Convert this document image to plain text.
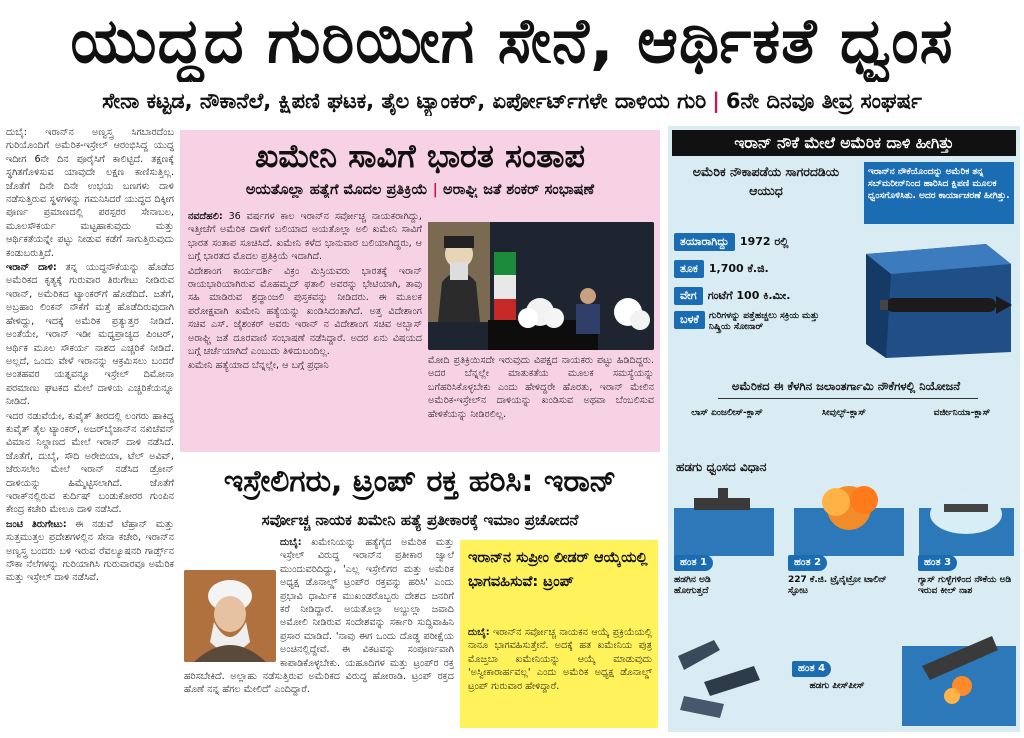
ಯುದ್ಧದ ಗುರಿಯೀಗ ಸೇನೆ, ಆರ್ಥಿಕತೆ ಧ್ವಂಸ
ಸೇನಾ ಕಟ್ಟಡ, ನೌಕಾನೆಲೆ, ಕ್ಷಿಪಣಿ ಘಟಕ, ತೈಲ ಟ್ಯಾಂಕರ್, ಏರ್ಪೋರ್ಟ್‌ಗಳೇ ದಾಳಿಯ ಗುರಿ | 6ನೇ ದಿನವೂ ತೀವ್ರ ಸಂಘರ್ಷ

ದುಬೈ: ಇರಾನ್‌ನ ಅಣ್ವಸ್ತ್ರ ಸಿಗಬಾರದೆಂಬ ಗುರಿಯೊಂದಿಗೆ ಅಮೆರಿಕ-ಇಸ್ರೇಲ್ ಆರಂಭಿಸಿದ್ದ ಯುದ್ಧ ಇದೀಗ 6ನೇ ದಿನ ಪೂರೈಸಿಗೆ ಕಾಲಿಟ್ಟಿದೆ. ತಕ್ಷಣಕ್ಕೆ ಸ್ಥಗಿತಗೊಳಿಸುವ ಯಾವುದೇ ಲಕ್ಷಣ ಕಾಣಿಸುತ್ತಿಲ್ಲ. ಜೊತೆಗೆ ದಿನೇ ದಿನೇ ಉಭಯ ಬಣಗಳು ದಾಳಿ ನಡೆಸುತ್ತಿರುವ ಸ್ಥಳಗಳನ್ನು ಗಮನಿಸಿದರೆ ಯುದ್ಧದ ದಿಕ್ಕೀಗ ಪೂರ್ಣ ಪ್ರಮಾಣದಲ್ಲಿ ಪರಸ್ಪರರ ಸೇನಾಬಲ, ಮೂಲಸೌಕರ್ಯ ಮಟ್ಟಹಾಕುವುದು ಮತ್ತು ಆರ್ಥಿಕತೆಯನ್ನೇ ಪಟ್ಟು ನೀಡುವ ಕಡೆಗೆ ಸಾಗುತ್ತಿರುವುದು ಕಂಡುಬರುತ್ತಿದೆ.

ಇರಾನ್ ದಾಳಿ: ತನ್ನ ಯುದ್ಧನೌಕೆಯನ್ನು ಹೊಡೆದ ಅಮೆರಿಕದ ಕೃತ್ಯಕ್ಕೆ ಗುರುವಾರ ತಿರುಗೇಟು ನೀಡಿರುವ ಇರಾನ್, ಅಮೆರಿಕದ ಟ್ಯಾಂಕರ್‌ಗೆ ಹೊಡೆದಿದೆ. ಜತೆಗೆ, ಅಬ್ರಹಾಂ ಲಿಂಕನ್ ನೌಕೆಗೆ ಮತ್ತೆ ಹೊಡೆದಿರುವುದಾಗಿ ಹೇಳಿದ್ದು, ಇದಕ್ಕೆ ಅಮೆರಿಕ ಪ್ರತ್ಯುತ್ತರ ನೀಡಿದೆ. ಅಂತೆಯೇ, ಇರಾನ್ ಇಡೀ ಮಧ್ಯಪ್ರಾಚ್ಯದ ಪಿಂಟರ್, ಆರ್ಥಿಕ ಮೂಲ ಸೌಕರ್ಯ ನಾಶದ ಎಚ್ಚರಿಕೆ ನೀಡಿದೆ. ಅಲ್ಲದೆ, ಒಂದು ವೇಳೆ ಇರಾನನ್ನು ಆಕ್ರಮಿಸಲು ಬಂದರೆ ಅಂತಹವರ ಯತ್ನವನ್ನೂ ಇಸ್ರೇಲ್ ದಿಮೋನಾ ಪರಮಾಣು ಘಟಕದ ಮೇಲೆ ದಾಳಿಯ ಎಚ್ಚರಿಕೆಯನ್ನೂ ನೀಡಿದೆ.

ಇದರ ನಡುವೆಯೇ, ಕುವೈತ್ ತೀರದಲ್ಲಿ ಲಂಗರು ಹಾಕಿದ್ದ ಕುವೈತ್ ತೈಲ ಟ್ಯಾಂಕರ್, ಅಜರ್‌ಬೈಜಾನ್‌ನ ನಖಿಚೆವನ್ ವಿಮಾನ ನಿಲ್ದಾಣದ ಮೇಲೆ ಇರಾನ್ ದಾಳಿ ನಡೆಸಿದೆ. ಜೊತೆಗೆ, ದುಬೈ, ಸೌದಿ ಅರೇಬಿಯಾ, ಟೆಲ್ ಅವಿವ್, ಜೆರುಸಲೇಂ ಮೇಲೆ ಇರಾನ್ ನಡೆಸಿದ ಡ್ರೋನ್ ದಾಳಿಯನ್ನು ಹಿಮ್ಮೆಟ್ಟಿಸಲಾಗಿದೆ. ಜೊತೆಗೆ ಇರಾಕ್‌ನಲ್ಲಿರುವ ಕುರ್ದಿಷ್ ಬಂಡುಕೋರರ ಗುಂಪಿನ ಕೇಂದ್ರ ಕಚೇರಿ ಮೇಲೂ ದಾಳಿ ನಡೆಸಿದೆ.

ಜಂಟಿ ತಿರುಗೇಟು: ಈ ನಡುವೆ ಟೆಹ್ರಾನ್ ಮತ್ತು ಸುತ್ತಮುತ್ತಲ ಪ್ರದೇಶಗಳಲ್ಲಿನ ಸೇನಾ ಕಚೇರಿ, ಇರಾನ್‌ನ ಅಣ್ವಸ್ತ್ರ ಬಂದರು ಬಳಿ ಇರುವ ರೆವಲ್ಯೂಷನರಿ ಗಾರ್ಡ್ಸ್‌ನ ನೌಕಾ ನೆಲೆಗಳನ್ನು ಗುರಿಯಾಗಿಸಿ ಗುರುವಾರವೂ ಅಮೆರಿಕ ಮತ್ತು ಇಸ್ರೇಲ್ ದಾಳಿ ನಡೆಸಿವೆ.

ಖಮೇನಿ ಸಾವಿಗೆ ಭಾರತ ಸಂತಾಪ
ಅಯತೊಲ್ಲಾ ಹತ್ಯೆಗೆ ಮೊದಲ ಪ್ರತಿಕ್ರಿಯೆ | ಅರಾಘ್ಚಿ ಜತೆ ಶಂಕರ್ ಸಂಭಾಷಣೆ

ನವದೆಹಲಿ: 36 ವರ್ಷಗಳ ಕಾಲ ಇರಾನ್‌ನ ಸರ್ವೋಚ್ಚ ನಾಯಕರಾಗಿದ್ದು, ಇತ್ತೀಚೆಗೆ ಅಮೆರಿಕ ದಾಳಿಗೆ ಬಲಿಯಾದ ಅಯತೊಲ್ಲಾ ಅಲಿ ಖಮೇನಿ ಸಾವಿಗೆ ಭಾರತ ಸಂತಾಪ ಸೂಚಿಸಿದೆ. ಖಮೇನಿ ಕಳೆದ ಭಾನುವಾರ ಬಲಿಯಾಗಿದ್ದರು, ಆ ಬಗ್ಗೆ ಭಾರತದ ಮೊದಲ ಪ್ರತಿಕ್ರಿಯೆ ಇದಾಗಿದೆ.

ವಿದೇಶಾಂಗ ಕಾರ್ಯದರ್ಶಿ ವಿಕ್ರಂ ಮಿಸ್ರಿಯವರು ಭಾರತಕ್ಕೆ ಇರಾನ್ ರಾಯಭಾರಿಯಾಗಿರುವ ಮೊಹಮ್ಮದ್ ಫತಾಲಿ ಅವರನ್ನು ಭೇಟಿಯಾಗಿ, ತಾವು ಸಹಿ ಮಾಡಿರುವ ಶ್ರದ್ಧಾಂಜಲಿ ಪುಸ್ತಕವನ್ನು ನೀಡಿದರು. ಈ ಮೂಲಕ ಪರೋಕ್ಷವಾಗಿ ಖಮೇನಿ ಹತ್ಯೆಯನ್ನು ಖಂಡಿಸಿದಂತಾಗಿದೆ. ಅತ್ತ ವಿದೇಶಾಂಗ ಸಚಿವ ಎಸ್. ಜೈಶಂಕರ್ ಅವರು ಇರಾನ್ ನ ವಿದೇಶಾಂಗ ಸಚಿವ ಅಬ್ಬಾಸ್ ಅರಾಘ್ಚಿ ಜತೆ ದೂರವಾಣಿ ಸಂಭಾಷಣೆ ನಡೆಸಿದ್ದಾರೆ. ಅದರ ಏನು ವಿಷಯದ ಬಗ್ಗೆ ಚರ್ಚೆಯಾಗಿದೆ ಎಂಬುದು ತಿಳಿದುಬಂದಿಲ್ಲ.

ಖಮೇನಿ ಹತ್ಯೆಯಾದ ಬೆನ್ನಲ್ಲೇ, ಆ ಬಗ್ಗೆ ಪ್ರಧಾನಿ	ಮೋದಿ ಪ್ರತಿಕ್ರಿಯಿಸದೇ ಇರುವುದು ವಿಪಕ್ಷದ ನಾಯಕರು ಪಟ್ಟು ಹಿಡಿದಿದ್ದರು. ಅದರ ಬೆನ್ನಲ್ಲೇ ಮಾತುಕತೆಯ ಮೂಲಕ ಸಮಸ್ಯೆಯನ್ನು ಬಗೆಹರಿಸಿಕೊಳ್ಳಬೇಕು ಎಂದು ಹೇಳಿದ್ದರೇ ಹೊರತು, ಇರಾನ್ ಮೇಲಿನ ಅಮೆರಿಕ-ಇಸ್ರೇಲ್‌ನ ದಾಳಿಯನ್ನು ಖಂಡಿಸುವ ಅಥವಾ ಬೆಂಬಲಿಸುವ ಹೇಳಿಕೆಯನ್ನು ನೀಡಿರಲಿಲ್ಲ.
ಇಸ್ರೇಲಿಗರು, ಟ್ರಂಪ್ ರಕ್ತ ಹರಿಸಿ: ಇರಾನ್
ಸರ್ವೋಚ್ಚ ನಾಯಕ ಖಮೇನಿ ಹತ್ಯೆ ಪ್ರತೀಕಾರಕ್ಕೆ ಇಮಾಂ ಪ್ರಚೋದನೆ
ದುಬೈ: ಖಮೇನಿಯನ್ನು ಹತ್ಯೆಗೈದ ಅಮೆರಿಕ ಮತ್ತು ಇಸ್ರೇಲ್ ವಿರುದ್ಧ ಇರಾನ್‌ನ ಪ್ರತೀಕಾರ ಜ್ವಾಲೆ ಮುಂದುವರಿದಿದ್ದು, 'ಎಲ್ಲ ಇಸ್ರೇಲಿಗರ ಮತ್ತು ಅಮೆರಿಕ ಅಧ್ಯಕ್ಷ ಡೊನಾಲ್ಡ್ ಟ್ರಂಪ್‌ರ ರಕ್ತವನ್ನು ಹರಿಸಿ' ಎಂದು ಪ್ರಭಾವಿ ಧಾರ್ಮಿಕ ಮುಖಂಡರೊಬ್ಬರು ದೇಶದ ಜನರಿಗೆ ಕರೆ ನೀಡಿದ್ದಾರೆ. ಅಯತೊಲ್ಲಾ ಅಬ್ದುಲ್ಲಾ ಜವಾದಿ ಅಮೋಲಿ ನೀಡಿರುವ ಸಂದೇಶವನ್ನು ಸರ್ಕಾರಿ ಸುದ್ದಿವಾಹಿನಿ ಪ್ರಸಾರ ಮಾಡಿದೆ. 'ನಾವು ಈಗ ಒಂದು ದೊಡ್ಡ ಪರೀಕ್ಷೆಯ ಅಂಚಿನಲ್ಲಿದ್ದೇವೆ. ಈ ವಿಕಟವನ್ನು ಸಂಪೂರ್ಣವಾಗಿ ಕಾಪಾಡಿಕೊಳ್ಳಬೇಕು. ಯಹೂದಿಗಳ ಮತ್ತು ಟ್ರಂಪ್‌ರ ರಕ್ತ ಹರಿಸಬೇಕಿದೆ. ಅಲ್ಲಾಹು ನಡೆಸುತ್ತಿರುವ ಅಮೆರಿಕದ ವಿರುದ್ಧ ಹೋರಾಡಿ. ಟ್ರಂಪ್ ರಕ್ತದ ಹೊಣೆ ನನ್ನ ಹೆಗಲ ಮೇಲಿದೆ' ಎಂದಿದ್ದಾರೆ.
ಇರಾನ್‌ನ ಸುಪ್ರೀಂ ಲೀಡರ್ ಆಯ್ಕೆಯಲ್ಲಿ ಭಾಗವಹಿಸುವೆ: ಟ್ರಂಪ್
ದುಬೈ: ಇರಾನ್‌ನ ಸರ್ವೋಚ್ಚ ನಾಯಕನ ಆಯ್ಕೆ ಪ್ರಕ್ರಿಯೆಯಲ್ಲಿ ನಾನೂ ಭಾಗವಹಿಸುತ್ತೇನೆ. ಅದಕ್ಕೆ ಹತ ಖಮೇನಿಯ ಪುತ್ರ ಮೊಜ್ತಬಾ ಖಮೇನಿಯನ್ನು ಆಯ್ಕೆ ಮಾಡುವುದು 'ಅಸ್ವೀಕಾರಾರ್ಹವಲ್ಲ' ಎಂದು ಅಮೆರಿಕ ಅಧ್ಯಕ್ಷ ಡೊನಾಲ್ಡ್ ಟ್ರಂಪ್ ಗುರುವಾರ ಹೇಳಿದ್ದಾರೆ.
ಇರಾನ್ ನೌಕೆ ಮೇಲೆ ಅಮೆರಿಕ ದಾಳಿ ಹೀಗಿತ್ತು
ಅಮೆರಿಕ ನೌಕಾಪಡೆಯ ಸಾಗರದಡಿಯ ಆಯುಧ
ಇರಾನ್‌ನ ನೌಕೆಯೊಂದನ್ನು ಅಮೆರಿಕ ತನ್ನ ಸಬ್‌ಮರೀನ್‌ನಿಂದ ಹಾರಿಸಿದ ಕ್ಷಿಪಣಿ ಮೂಲಕ ಧ್ವಂಸಗೊಳಿಸಿತು. ಅದರ ಕಾರ್ಯಾಚರಣೆ ಹೀಗಿತ್ತು.
ತಯಾರಾಗಿದ್ದು 1972 ರಲ್ಲಿ
ತೂಕ 1,700 ಕೆ.ಜಿ.
ವೇಗ ಗಂಟೆಗೆ 100 ಕಿ.ಮೀ.
ಬಳಕೆ	ಗುರಿಗಳನ್ನು ಪತ್ತೆಹಚ್ಚಲು ಸಕ್ರಿಯ ಮತ್ತು ನಿಷ್ಕ್ರಿಯ ಸೋನಾರ್
ಅಮೆರಿಕದ ಈ ಕೆಳಗಿನ ಜಲಾಂತರ್ಗಾಮಿ ನೌಕೆಗಳಲ್ಲಿ ನಿಯೋಜನೆ
ಲಾಸ್ ಏಂಜಲೀಸ್-ಕ್ಲಾಸ್	ಸೀವುಲ್ಫ್-ಕ್ಲಾಸ್	ವರ್ಜೀನಿಯಾ-ಕ್ಲಾಸ್
ಹಡಗು ಧ್ವಂಸದ ವಿಧಾನ
ಹಂತ 1
ಹಡಗಿನ ಅಡಿ ಹೋಗುತ್ತದೆ
ಹಂತ 2
227 ಕೆ.ಜಿ. ಟ್ರೈನೈಟ್ರೋ ಟಾಲಿನ್ ಸ್ಫೋಟ
ಹಂತ 3
ಗ್ಯಾಸ್ ಗುಳ್ಳೆಗಳಿಂದ ನೌಕೆಯ ಅಡಿ ಇರುವ ಕೀಲ್ ನಾಶ
ಹಂತ 4
ಹಡಗು ಪೀಸ್‌ಪೀಸ್
